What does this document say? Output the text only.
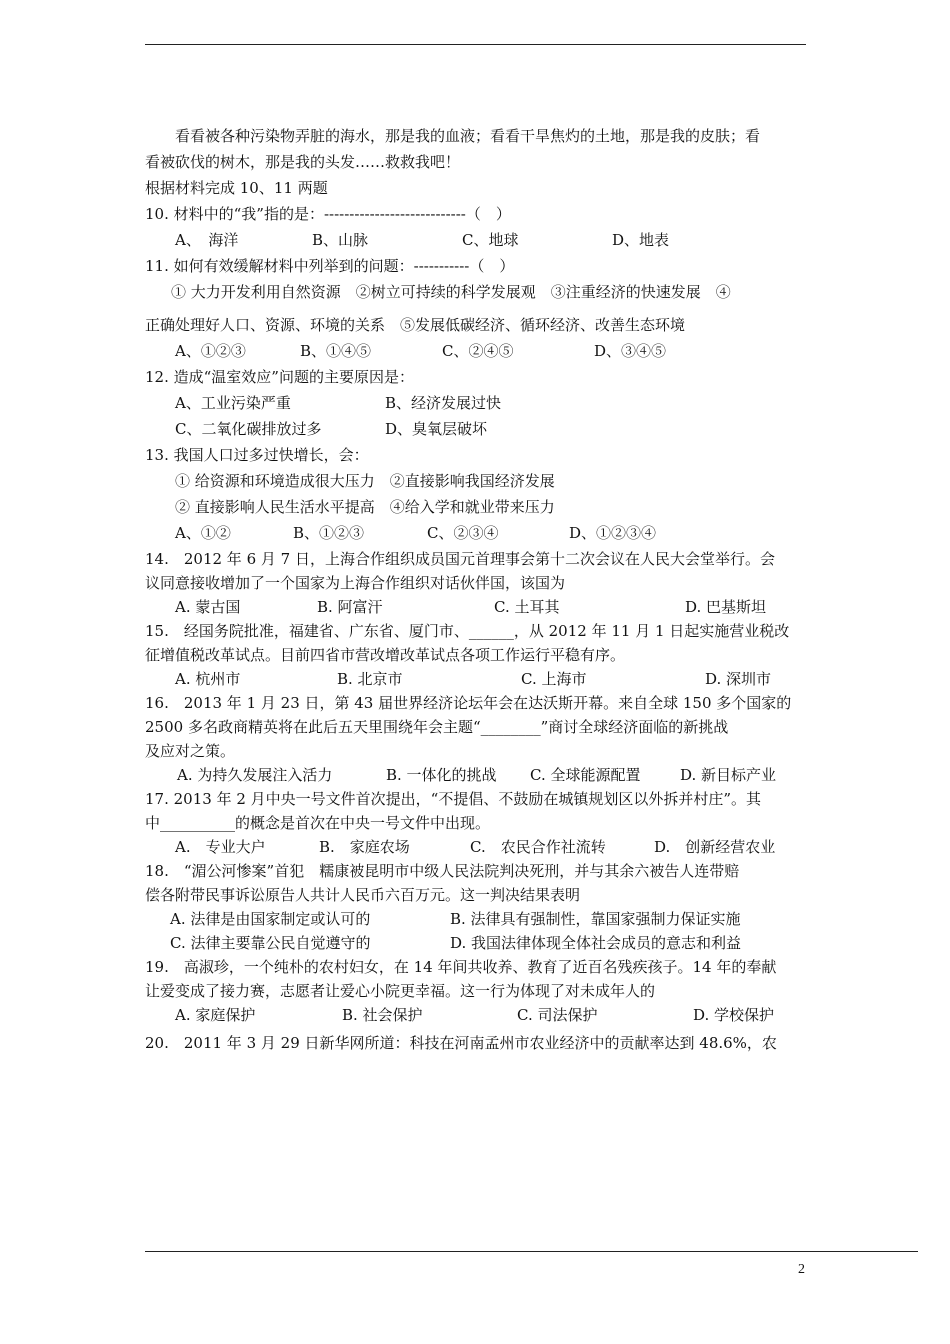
看看被各种污染物弄脏的海水，那是我的血液；看看干旱焦灼的土地，那是我的皮肤；看
看被砍伐的树木，那是我的头发……救救我吧！
根据材料完成 10、11 两题
10. 材料中的“我”指的是：----------------------------（　）
A、　海洋	B、山脉	C、地球	D、地表
11. 如何有效缓解材料中列举到的问题：-----------（　）
① 大力开发利用自然资源　②树立可持续的科学发展观　③注重经济的快速发展　④
正确处理好人口、资源、环境的关系　⑤发展低碳经济、循环经济、改善生态环境
A、①②③	B、①④⑤	C、②④⑤	D、③④⑤
12. 造成“温室效应”问题的主要原因是：
A、工业污染严重	B、经济发展过快
C、二氧化碳排放过多	D、臭氧层破坏
13. 我国人口过多过快增长，会：
① 给资源和环境造成很大压力　②直接影响我国经济发展
② 直接影响人民生活水平提高　④给入学和就业带来压力
A、①②	B、①②③	C、②③④	D、①②③④
14.　2012 年 6 月 7 日，上海合作组织成员国元首理事会第十二次会议在人民大会堂举行。会
议同意接收增加了一个国家为上海合作组织对话伙伴国，该国为
A. 蒙古国	B. 阿富汗	C. 土耳其	D. 巴基斯坦
15.　经国务院批准，福建省、广东省、厦门市、______，从 2012 年 11 月 1 日起实施营业税改
征增值税改革试点。目前四省市营改增改革试点各项工作运行平稳有序。
A. 杭州市	B. 北京市	C. 上海市	D. 深圳市
16.　2013 年 1 月 23 日，第 43 届世界经济论坛年会在达沃斯开幕。来自全球 150 多个国家的
2500 多名政商精英将在此后五天里围绕年会主题“________”商讨全球经济面临的新挑战
及应对之策。
A. 为持久发展注入活力	B. 一体化的挑战	C. 全球能源配置	D. 新目标产业
17. 2013 年 2 月中央一号文件首次提出，“不提倡、不鼓励在城镇规划区以外拆并村庄”。其
中__________的概念是首次在中央一号文件中出现。
A.　专业大户	B.　家庭农场	C.　农民合作社流转	D.　创新经营农业
18.　“湄公河惨案”首犯　糯康被昆明市中级人民法院判决死刑，并与其余六被告人连带赔
偿各附带民事诉讼原告人共计人民币六百万元。这一判决结果表明
A. 法律是由国家制定或认可的	B. 法律具有强制性，靠国家强制力保证实施
C. 法律主要靠公民自觉遵守的	D. 我国法律体现全体社会成员的意志和利益
19.　高淑珍，一个纯朴的农村妇女，在 14 年间共收养、教育了近百名残疾孩子。14 年的奉献
让爱变成了接力赛，志愿者让爱心小院更幸福。这一行为体现了对未成年人的
A. 家庭保护	B. 社会保护	C. 司法保护	D. 学校保护
20.　2011 年 3 月 29 日新华网所道：科技在河南孟州市农业经济中的贡献率达到 48.6%，农
2
